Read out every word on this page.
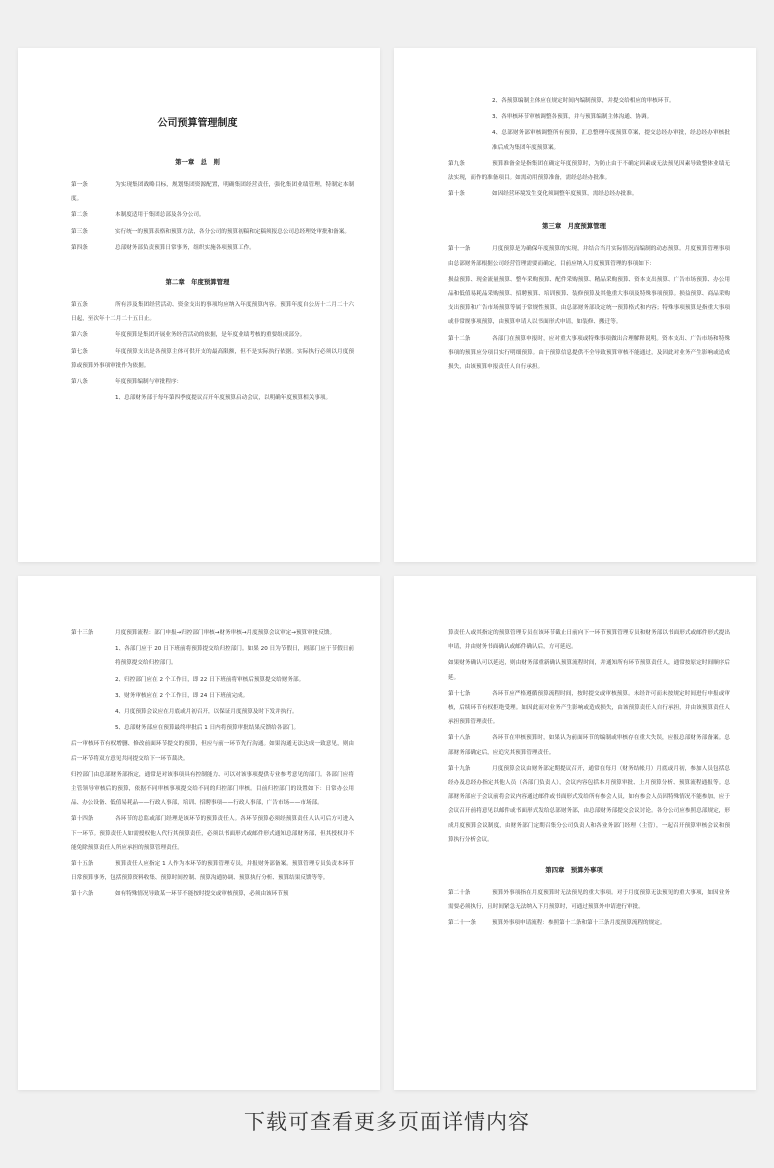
公司预算管理制度
第一章　总　则

第一条	为实现集团战略目标，规划集团资源配置，明确集团经营责任，强化集团业绩管理，特制定本制度。

第二条	本制度适用于集团总部及各分公司。

第三条	实行统一的预算表格和预算方法，各分公司的预算初稿和定稿须报总公司总经理处审批和备案。

第四条	总部财务部负责预算日常事务，组织实施各项预算工作。

第二章　年度预算管理

第五条	所有涉及集团经营活动、资金支出的事项均应纳入年度预算内容。预算年度自公历十二月二十六日起，至次年十二月二十五日止。

第六条	年度预算是集团开展业务经营活动的依据，是年度业绩考核的重要组成部分。

第七条	年度预算支出是各预算主体可供开支的最高限额，但不是实际执行依据。实际执行必须以月度预算或预算外事项审批作为依据。

第八条	年度预算编制与审批程序：

1、总部财务部于每年第四季度提议召开年度预算启动会议，以明确年度预算相关事项。

2、各预算编制主体应在规定时间内编制预算，并提交给相应的审核环节。

3、各审核环节审核调整各预算，并与预算编制主体沟通、协调。

4、总部财务部审核调整所有预算，汇总整理年度预算草案，提交总经办审批，经总经办审核批准后成为集团年度预算案。

第九条	预算准备金是指集团在确定年度预算时，为防止由于不确定因素或无法预见因素导致整体业绩无法实现，而作的准备项目。如需动用预算准备，需经总经办批准。

第十条	如因经营环境发生变化须调整年度预算，需经总经办批准。

第三章　月度预算管理

第十一条	月度预算是为确保年度预算的实现，并结合当月实际情况而编制的动态预算。月度预算管理事项由总部财务部根据公司经营管理需要而确定，目前应纳入月度预算管理的事项如下：

损益预算、现金流量预算、整车采购预算、配件采购预算、精品采购预算、资本支出预算、广告市场预算、办公用品和低值易耗品采购预算、招聘预算、培训预算、装修预算及其他重大事项及特殊事项预算。损益预算、商品采购支出预算和广告市场预算等属于常规性预算，由总部财务部设定统一预算格式和内容；特殊事项预算是指重大事项或非常规事项预算，由预算申请人以书面形式申请，如装修、搬迁等。

第十二条	各部门在预算申报时，应对重大事项或特殊事项做出合理解释说明。资本支出、广告市场和特殊事项的预算应分项目实行明细预算。由于预算信息提供不全导致预算审核不能通过，及因此对业务产生影响或造成损失，由该预算申报责任人自行承担。

第十三条	月度预算流程：部门申报→归控部门审核→财务审核→月度预算会议审定→预算审批反馈。

1、各部门应于 20 日下班前将预算提交给归控部门。如果 20 日为节假日，则部门应于节假日前将预算提交给归控部门。

2、归控部门应在 2 个工作日，即 22 日下班前将审核后预算提交给财务部。

3、财务审核应在 2 个工作日，即 24 日下班前完成。

4、月度预算会议应在月底或月初召开，以保证月度预算及时下发并执行。

5、总部财务部应在预算最终审批后 1 日内将预算审批结果反馈给各部门。

后一审核环节有权增删、修改前面环节提交的预算，但应与前一环节先行沟通。如果沟通无法达成一致意见，则由后一环节将双方意见共同提交给下一环节裁决。

归控部门由总部财务部指定，通常是对该事项具有控制能力、可以对该事项提供专业参考意见的部门。各部门应将主管领导审核后的预算，依据不同审核事项提交给不同的归控部门审核。目前归控部门的设置如下：日常办公用品、办公设备、低值易耗品——行政人事部，培训、招聘事项——行政人事部，广告市场——市场部。

第十四条	各环节的总监或部门经理是该环节的预算责任人。各环节预算必须经预算责任人认可后方可进入下一环节。预算责任人如需授权他人代行其预算责任，必须以书面形式或邮件形式通知总部财务部，但其授权并不能免除预算责任人所应承担的预算管理责任。

第十五条	预算责任人应指定 1 人作为本环节的预算管理专员，并报财务部备案。预算管理专员负责本环节日常预算事务，包括预算资料收集、预算时间控制、预算沟通协调、预算执行分析、预算结果反馈等等。

第十六条	如有特殊情况导致某一环节不能按时提交或审核预算，必须由该环节预

算责任人或其指定的预算管理专员在该环节截止日前向下一环节预算管理专员和财务部以书面形式或邮件形式提出申请，并由财务书面确认或邮件确认后，方可延迟。

如果财务确认可以延迟，则由财务部重新确认预算流程时间，并通知所有环节预算责任人，通常按原定时间顺序后延。

第十七条	各环节应严格遵循预算流程时间，按时提交或审核预算。未经许可而未按规定时间进行申报或审核，后续环节有权拒绝受理。如因此而对业务产生影响或造成损失，由该预算责任人自行承担，并由该预算责任人承担预算管理责任。

第十八条	各环节在审核预算时，如果认为前面环节的编制或审核存在重大失误，应报总部财务部备案。总部财务部确定后，应追究其预算管理责任。

第十九条	月度预算会议由财务部定期提议召开，通常在每月（财务结帐月）月底或月初，参加人员包括总经办及总经办指定其他人员（各部门负责人），会议内容包括本月预算审批、上月预算分析、预算流程通报等。总部财务部应于会议前将会议内容通过邮件或书面形式发给所有参会人员，如有参会人员因特殊情况不能参加，应于会议召开前将意见以邮件或书面形式发给总部财务部，由总部财务部提交会议讨论。各分公司应参照总部规定，形成月度预算会议制度，由财务部门定期召集分公司负责人和各业务部门经理（主管），一起召开预算审核会议和预算执行分析会议。

第四章　预算外事项

第二十条	预算外事项指在月度预算时无法预见的重大事项。对于月度预算无法预见的重大事项，如因业务需要必须执行，且时间紧急无法纳入下月预算时，可通过预算外申请进行审批。

第二十一条	预算外事项申请流程：参照第十二条和第十三条月度预算流程的规定。

下载可查看更多页面详情内容
